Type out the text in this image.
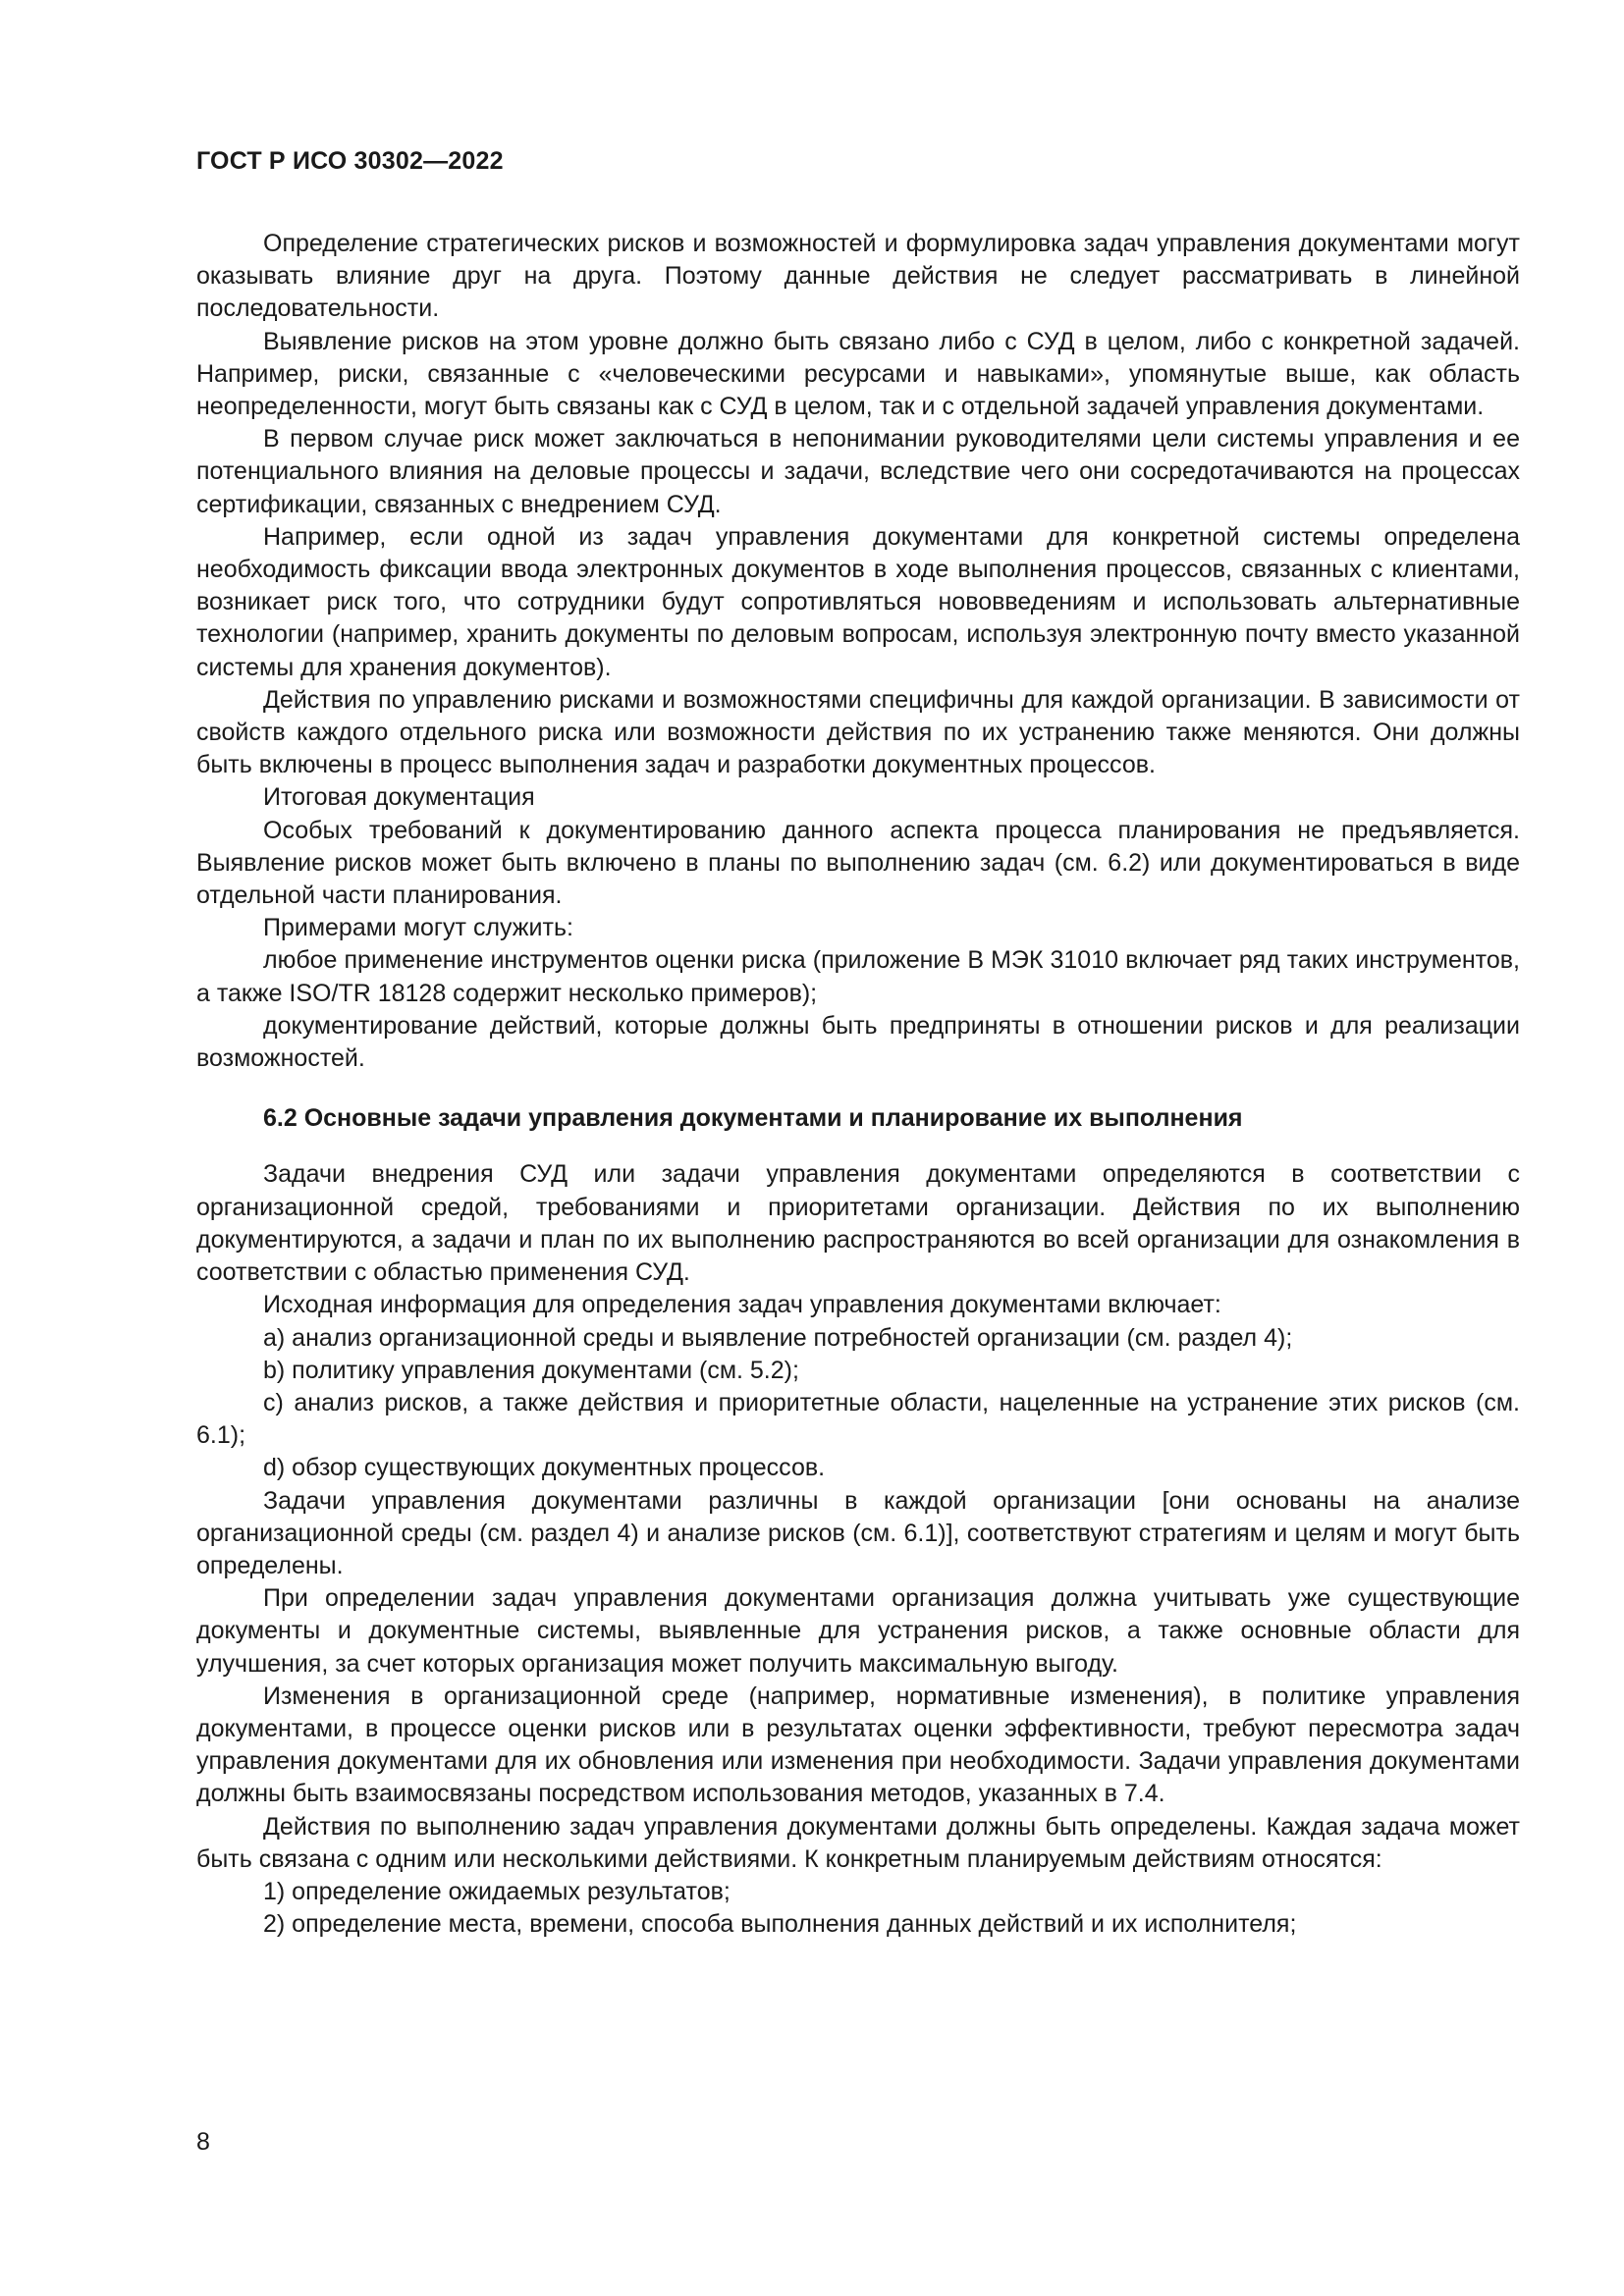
ГОСТ Р ИСО 30302—2022

Определение стратегических рисков и возможностей и формулировка задач управления документами могут оказывать влияние друг на друга. Поэтому данные действия не следует рассматривать в линейной последовательности.

Выявление рисков на этом уровне должно быть связано либо с СУД в целом, либо с конкретной задачей. Например, риски, связанные с «человеческими ресурсами и навыками», упомянутые выше, как область неопределенности, могут быть связаны как с СУД в целом, так и с отдельной задачей управления документами.

В первом случае риск может заключаться в непонимании руководителями цели системы управления и ее потенциального влияния на деловые процессы и задачи, вследствие чего они сосредотачиваются на процессах сертификации, связанных с внедрением СУД.

Например, если одной из задач управления документами для конкретной системы определена необходимость фиксации ввода электронных документов в ходе выполнения процессов, связанных с клиентами, возникает риск того, что сотрудники будут сопротивляться нововведениям и использовать альтернативные технологии (например, хранить документы по деловым вопросам, используя электронную почту вместо указанной системы для хранения документов).

Действия по управлению рисками и возможностями специфичны для каждой организации. В зависимости от свойств каждого отдельного риска или возможности действия по их устранению также меняются. Они должны быть включены в процесс выполнения задач и разработки документных процессов.

Итоговая документация

Особых требований к документированию данного аспекта процесса планирования не предъявляется. Выявление рисков может быть включено в планы по выполнению задач (см. 6.2) или документироваться в виде отдельной части планирования.

Примерами могут служить:

любое применение инструментов оценки риска (приложение В МЭК 31010 включает ряд таких инструментов, а также ISO/TR 18128 содержит несколько примеров);

документирование действий, которые должны быть предприняты в отношении рисков и для реализации возможностей.

6.2 Основные задачи управления документами и планирование их выполнения

Задачи внедрения СУД или задачи управления документами определяются в соответствии с организационной средой, требованиями и приоритетами организации. Действия по их выполнению документируются, а задачи и план по их выполнению распространяются во всей организации для ознакомления в соответствии с областью применения СУД.

Исходная информация для определения задач управления документами включает:

a) анализ организационной среды и выявление потребностей организации (см. раздел 4);

b) политику управления документами (см. 5.2);

c) анализ рисков, а также действия и приоритетные области, нацеленные на устранение этих рисков (см. 6.1);

d) обзор существующих документных процессов.

Задачи управления документами различны в каждой организации [они основаны на анализе организационной среды (см. раздел 4) и анализе рисков (см. 6.1)], соответствуют стратегиям и целям и могут быть определены.

При определении задач управления документами организация должна учитывать уже существующие документы и документные системы, выявленные для устранения рисков, а также основные области для улучшения, за счет которых организация может получить максимальную выгоду.

Изменения в организационной среде (например, нормативные изменения), в политике управления документами, в процессе оценки рисков или в результатах оценки эффективности, требуют пересмотра задач управления документами для их обновления или изменения при необходимости. Задачи управления документами должны быть взаимосвязаны посредством использования методов, указанных в 7.4.

Действия по выполнению задач управления документами должны быть определены. Каждая задача может быть связана с одним или несколькими действиями. К конкретным планируемым действиям относятся:

1) определение ожидаемых результатов;

2) определение места, времени, способа выполнения данных действий и их исполнителя;

8
